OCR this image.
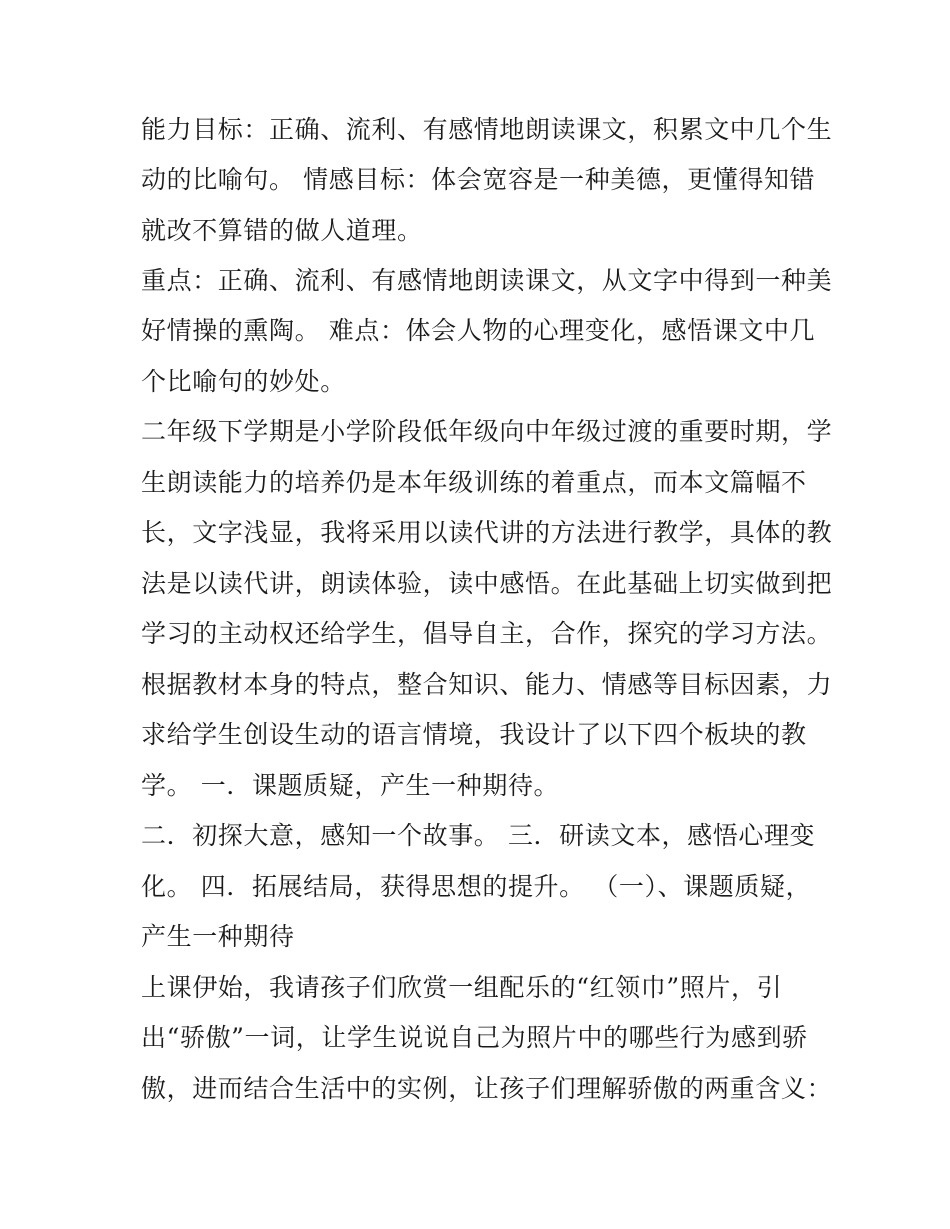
能力目标：正确、流利、有感情地朗读课文，积累文中几个生
动的比喻句。 情感目标：体会宽容是一种美德，更懂得知错
就改不算错的做人道理。
重点：正确、流利、有感情地朗读课文，从文字中得到一种美
好情操的熏陶。 难点：体会人物的心理变化，感悟课文中几
个比喻句的妙处。
二年级下学期是小学阶段低年级向中年级过渡的重要时期，学
生朗读能力的培养仍是本年级训练的着重点，而本文篇幅不
长，文字浅显，我将采用以读代讲的方法进行教学，具体的教
法是以读代讲，朗读体验，读中感悟。在此基础上切实做到把
学习的主动权还给学生，倡导自主，合作，探究的学习方法。
根据教材本身的特点，整合知识、能力、情感等目标因素，力
求给学生创设生动的语言情境，我设计了以下四个板块的教
学。 一．课题质疑，产生一种期待。
二．初探大意，感知一个故事。 三．研读文本，感悟心理变
化。 四．拓展结局，获得思想的提升。 （一）、课题质疑，
产生一种期待
上课伊始，我请孩子们欣赏一组配乐的“红领巾”照片，引
出“骄傲”一词，让学生说说自己为照片中的哪些行为感到骄
傲，进而结合生活中的实例，让孩子们理解骄傲的两重含义：
